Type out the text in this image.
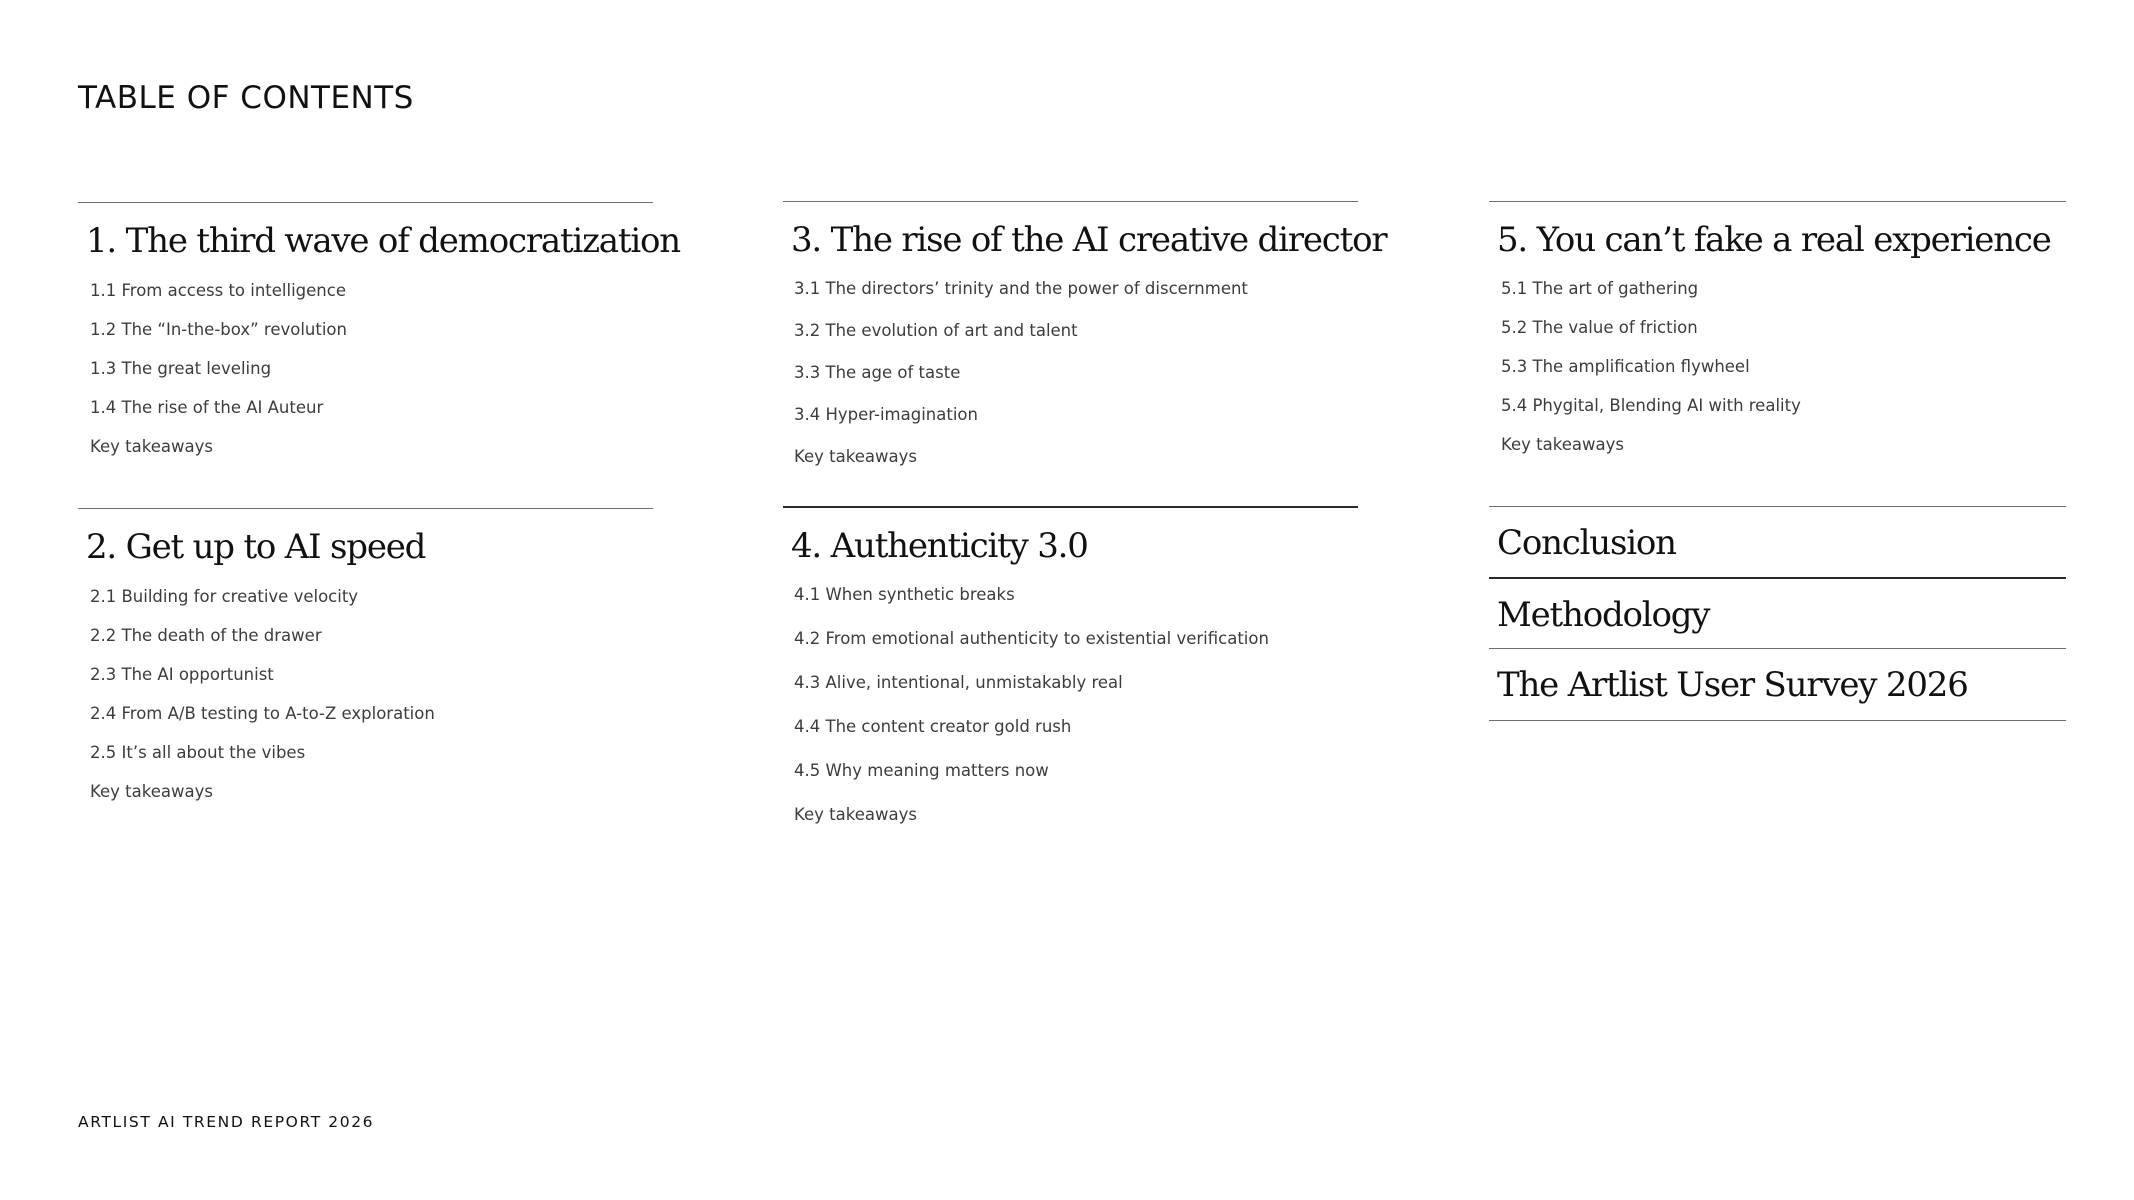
TABLE OF CONTENTS
1. The third wave of democratization
1.1 From access to intelligence
1.2 The “In-the-box” revolution
1.3 The great leveling
1.4 The rise of the AI Auteur
Key takeaways
2. Get up to AI speed
2.1 Building for creative velocity
2.2 The death of the drawer
2.3 The AI opportunist
2.4 From A/B testing to A-to-Z exploration
2.5 It’s all about the vibes
Key takeaways
3. The rise of the AI creative director
3.1 The directors’ trinity and the power of discernment
3.2 The evolution of art and talent
3.3 The age of taste
3.4 Hyper-imagination
Key takeaways
4. Authenticity 3.0
4.1 When synthetic breaks
4.2 From emotional authenticity to existential verification
4.3 Alive, intentional, unmistakably real
4.4 The content creator gold rush
4.5 Why meaning matters now
Key takeaways
5. You can’t fake a real experience
5.1 The art of gathering
5.2 The value of friction
5.3 The amplification flywheel
5.4 Phygital, Blending AI with reality
Key takeaways
Conclusion
Methodology
The Artlist User Survey 2026

ARTLIST AI TREND REPORT 2026
